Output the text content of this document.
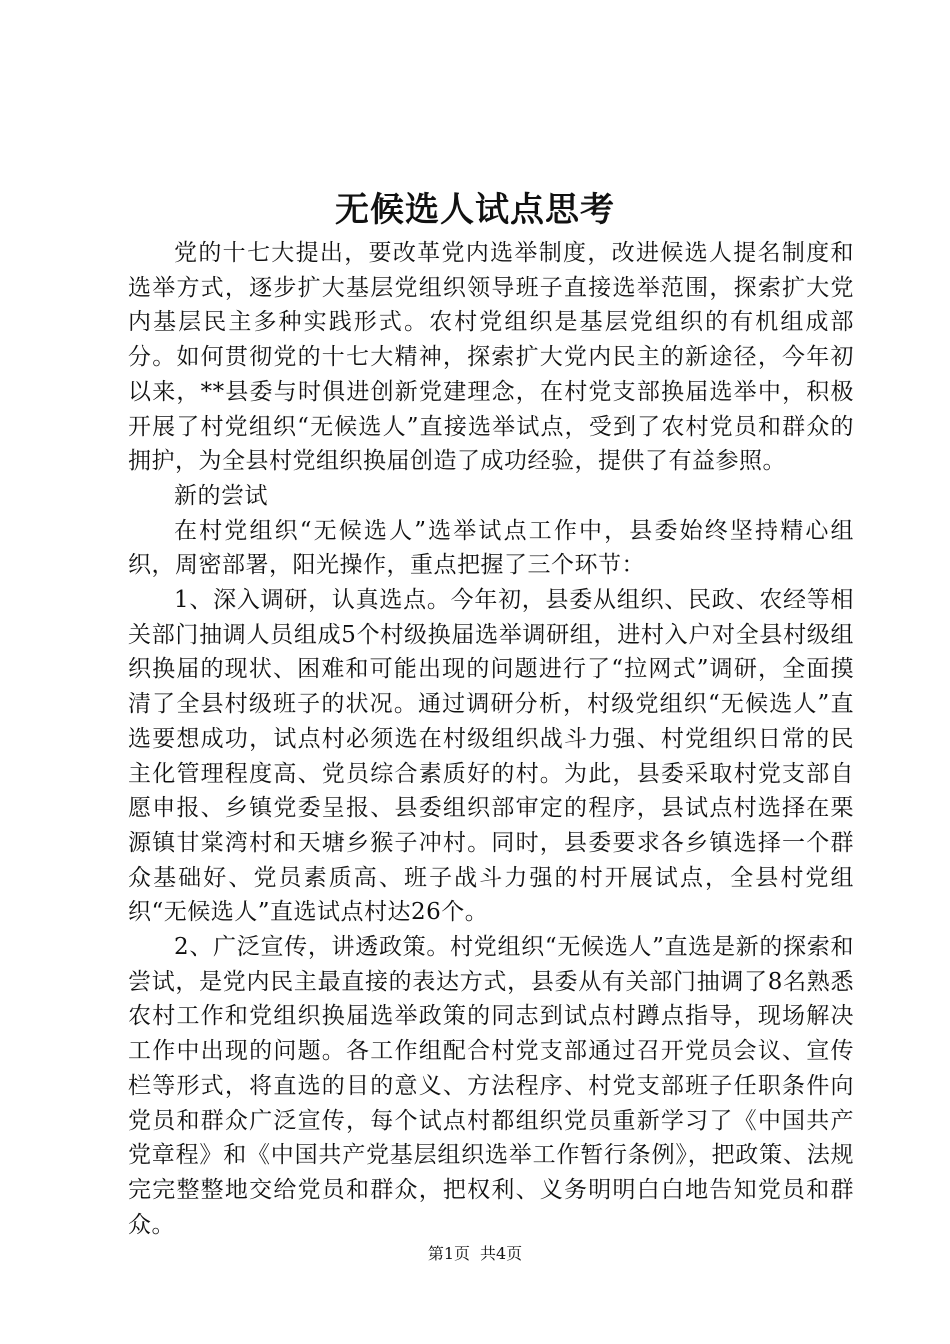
无候选人试点思考

党的十七大提出，要改革党内选举制度，改进候选人提名制度和选举方式，逐步扩大基层党组织领导班子直接选举范围，探索扩大党内基层民主多种实践形式。农村党组织是基层党组织的有机组成部分。如何贯彻党的十七大精神，探索扩大党内民主的新途径，今年初以来，**县委与时俱进创新党建理念，在村党支部换届选举中，积极开展了村党组织“无候选人”直接选举试点，受到了农村党员和群众的拥护，为全县村党组织换届创造了成功经验，提供了有益参照。

新的尝试

在村党组织“无候选人”选举试点工作中，县委始终坚持精心组织，周密部署，阳光操作，重点把握了三个环节：

1、深入调研，认真选点。今年初，县委从组织、民政、农经等相关部门抽调人员组成5个村级换届选举调研组，进村入户对全县村级组织换届的现状、困难和可能出现的问题进行了“拉网式”调研，全面摸清了全县村级班子的状况。通过调研分析，村级党组织“无候选人”直选要想成功，试点村必须选在村级组织战斗力强、村党组织日常的民主化管理程度高、党员综合素质好的村。为此，县委采取村党支部自愿申报、乡镇党委呈报、县委组织部审定的程序，县试点村选择在栗源镇甘棠湾村和天塘乡猴子冲村。同时，县委要求各乡镇选择一个群众基础好、党员素质高、班子战斗力强的村开展试点，全县村党组织“无候选人”直选试点村达26个。

2、广泛宣传，讲透政策。村党组织“无候选人”直选是新的探索和尝试，是党内民主最直接的表达方式，县委从有关部门抽调了8名熟悉农村工作和党组织换届选举政策的同志到试点村蹲点指导，现场解决工作中出现的问题。各工作组配合村党支部通过召开党员会议、宣传栏等形式，将直选的目的意义、方法程序、村党支部班子任职条件向党员和群众广泛宣传，每个试点村都组织党员重新学习了《中国共产党章程》和《中国共产党基层组织选举工作暂行条例》，把政策、法规完完整整地交给党员和群众，把权利、义务明明白白地告知党员和群众。

第1页 共4页
